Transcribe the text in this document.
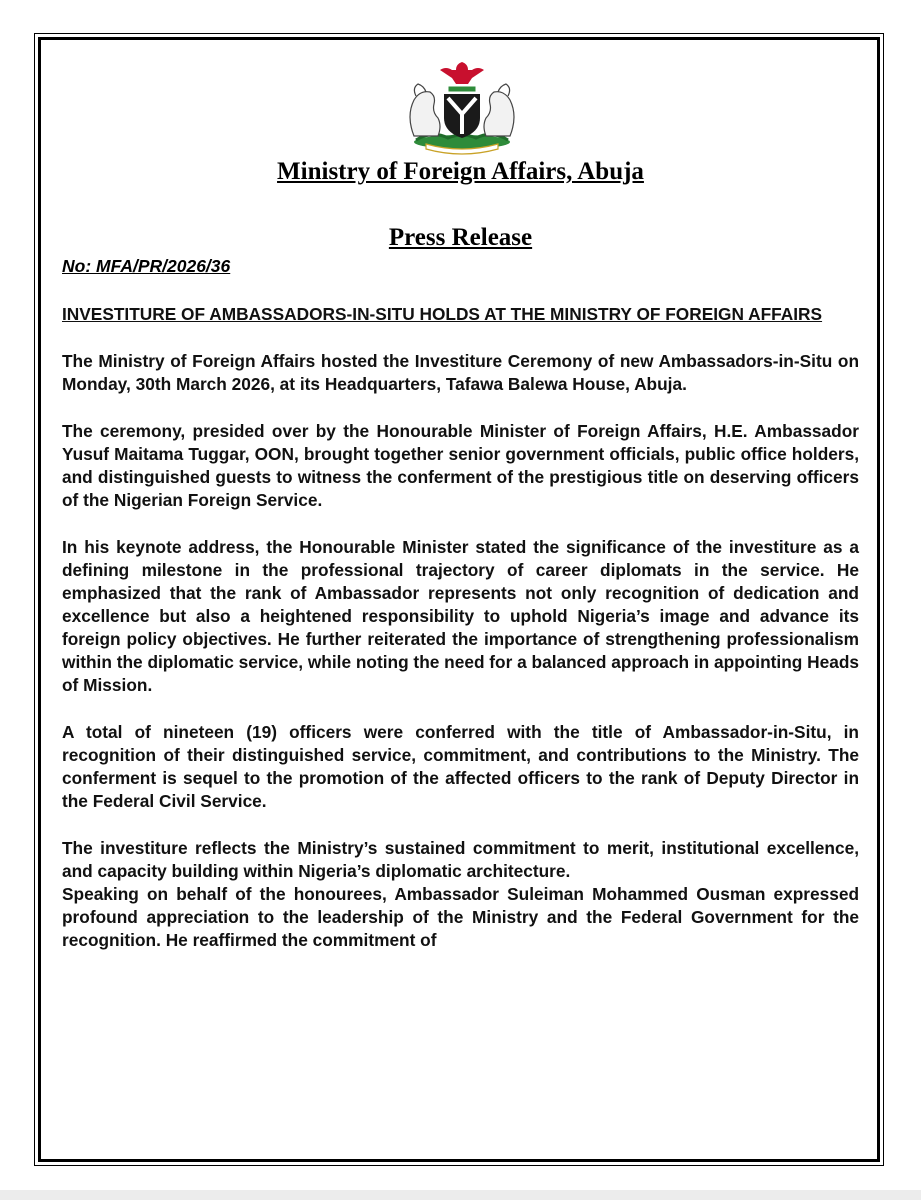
Ministry of Foreign Affairs, Abuja
Press Release

No: MFA/PR/2026/36

INVESTITURE OF AMBASSADORS-IN-SITU HOLDS AT THE MINISTRY OF FOREIGN AFFAIRS

The Ministry of Foreign Affairs hosted the Investiture Ceremony of new Ambassadors-in-Situ on Monday, 30th March 2026, at its Headquarters, Tafawa Balewa House, Abuja.

The ceremony, presided over by the Honourable Minister of Foreign Affairs, H.E. Ambassador Yusuf Maitama Tuggar, OON, brought together senior government officials, public office holders, and distinguished guests to witness the conferment of the prestigious title on deserving officers of the Nigerian Foreign Service.

In his keynote address, the Honourable Minister stated the significance of the investiture as a defining milestone in the professional trajectory of career diplomats in the service. He emphasized that the rank of Ambassador represents not only recognition of dedication and excellence but also a heightened responsibility to uphold Nigeria’s image and advance its foreign policy objectives. He further reiterated the importance of strengthening professionalism within the diplomatic service, while noting the need for a balanced approach in appointing Heads of Mission.

A total of nineteen (19) officers were conferred with the title of Ambassador-in-Situ, in recognition of their distinguished service, commitment, and contributions to the Ministry. The conferment is sequel to the promotion of the affected officers to the rank of Deputy Director in the Federal Civil Service.

The investiture reflects the Ministry’s sustained commitment to merit, institutional excellence, and capacity building within Nigeria’s diplomatic architecture.

Speaking on behalf of the honourees, Ambassador Suleiman Mohammed Ousman expressed profound appreciation to the leadership of the Ministry and the Federal Government for the recognition. He reaffirmed the commitment of
